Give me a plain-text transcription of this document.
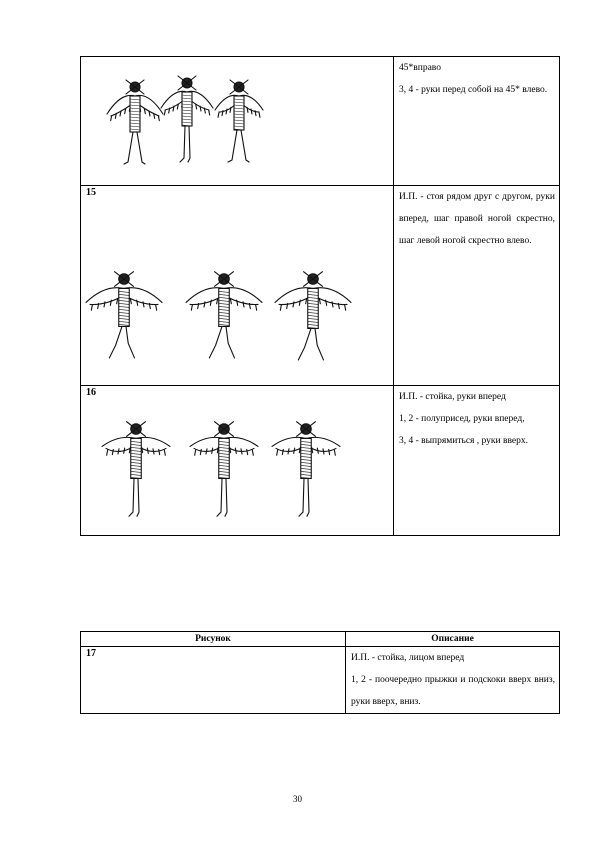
45*вправо
3, 4 - руки перед собой на 45* влево.

15	И.П. - стоя рядом друг с другом, руки вперед, шаг правой ногой скрестно, шаг левой ногой скрестно влево.

16	И.П. - стойка, руки вперед
1, 2 - полуприсед, руки вперед,
3, 4 - выпрямиться , руки вверх.
Рисунок	Описание

17	И.П. - стойка, лицом вперед
1, 2 - поочередно прыжки и подскоки вверх вниз, руки вверх, вниз.
30
